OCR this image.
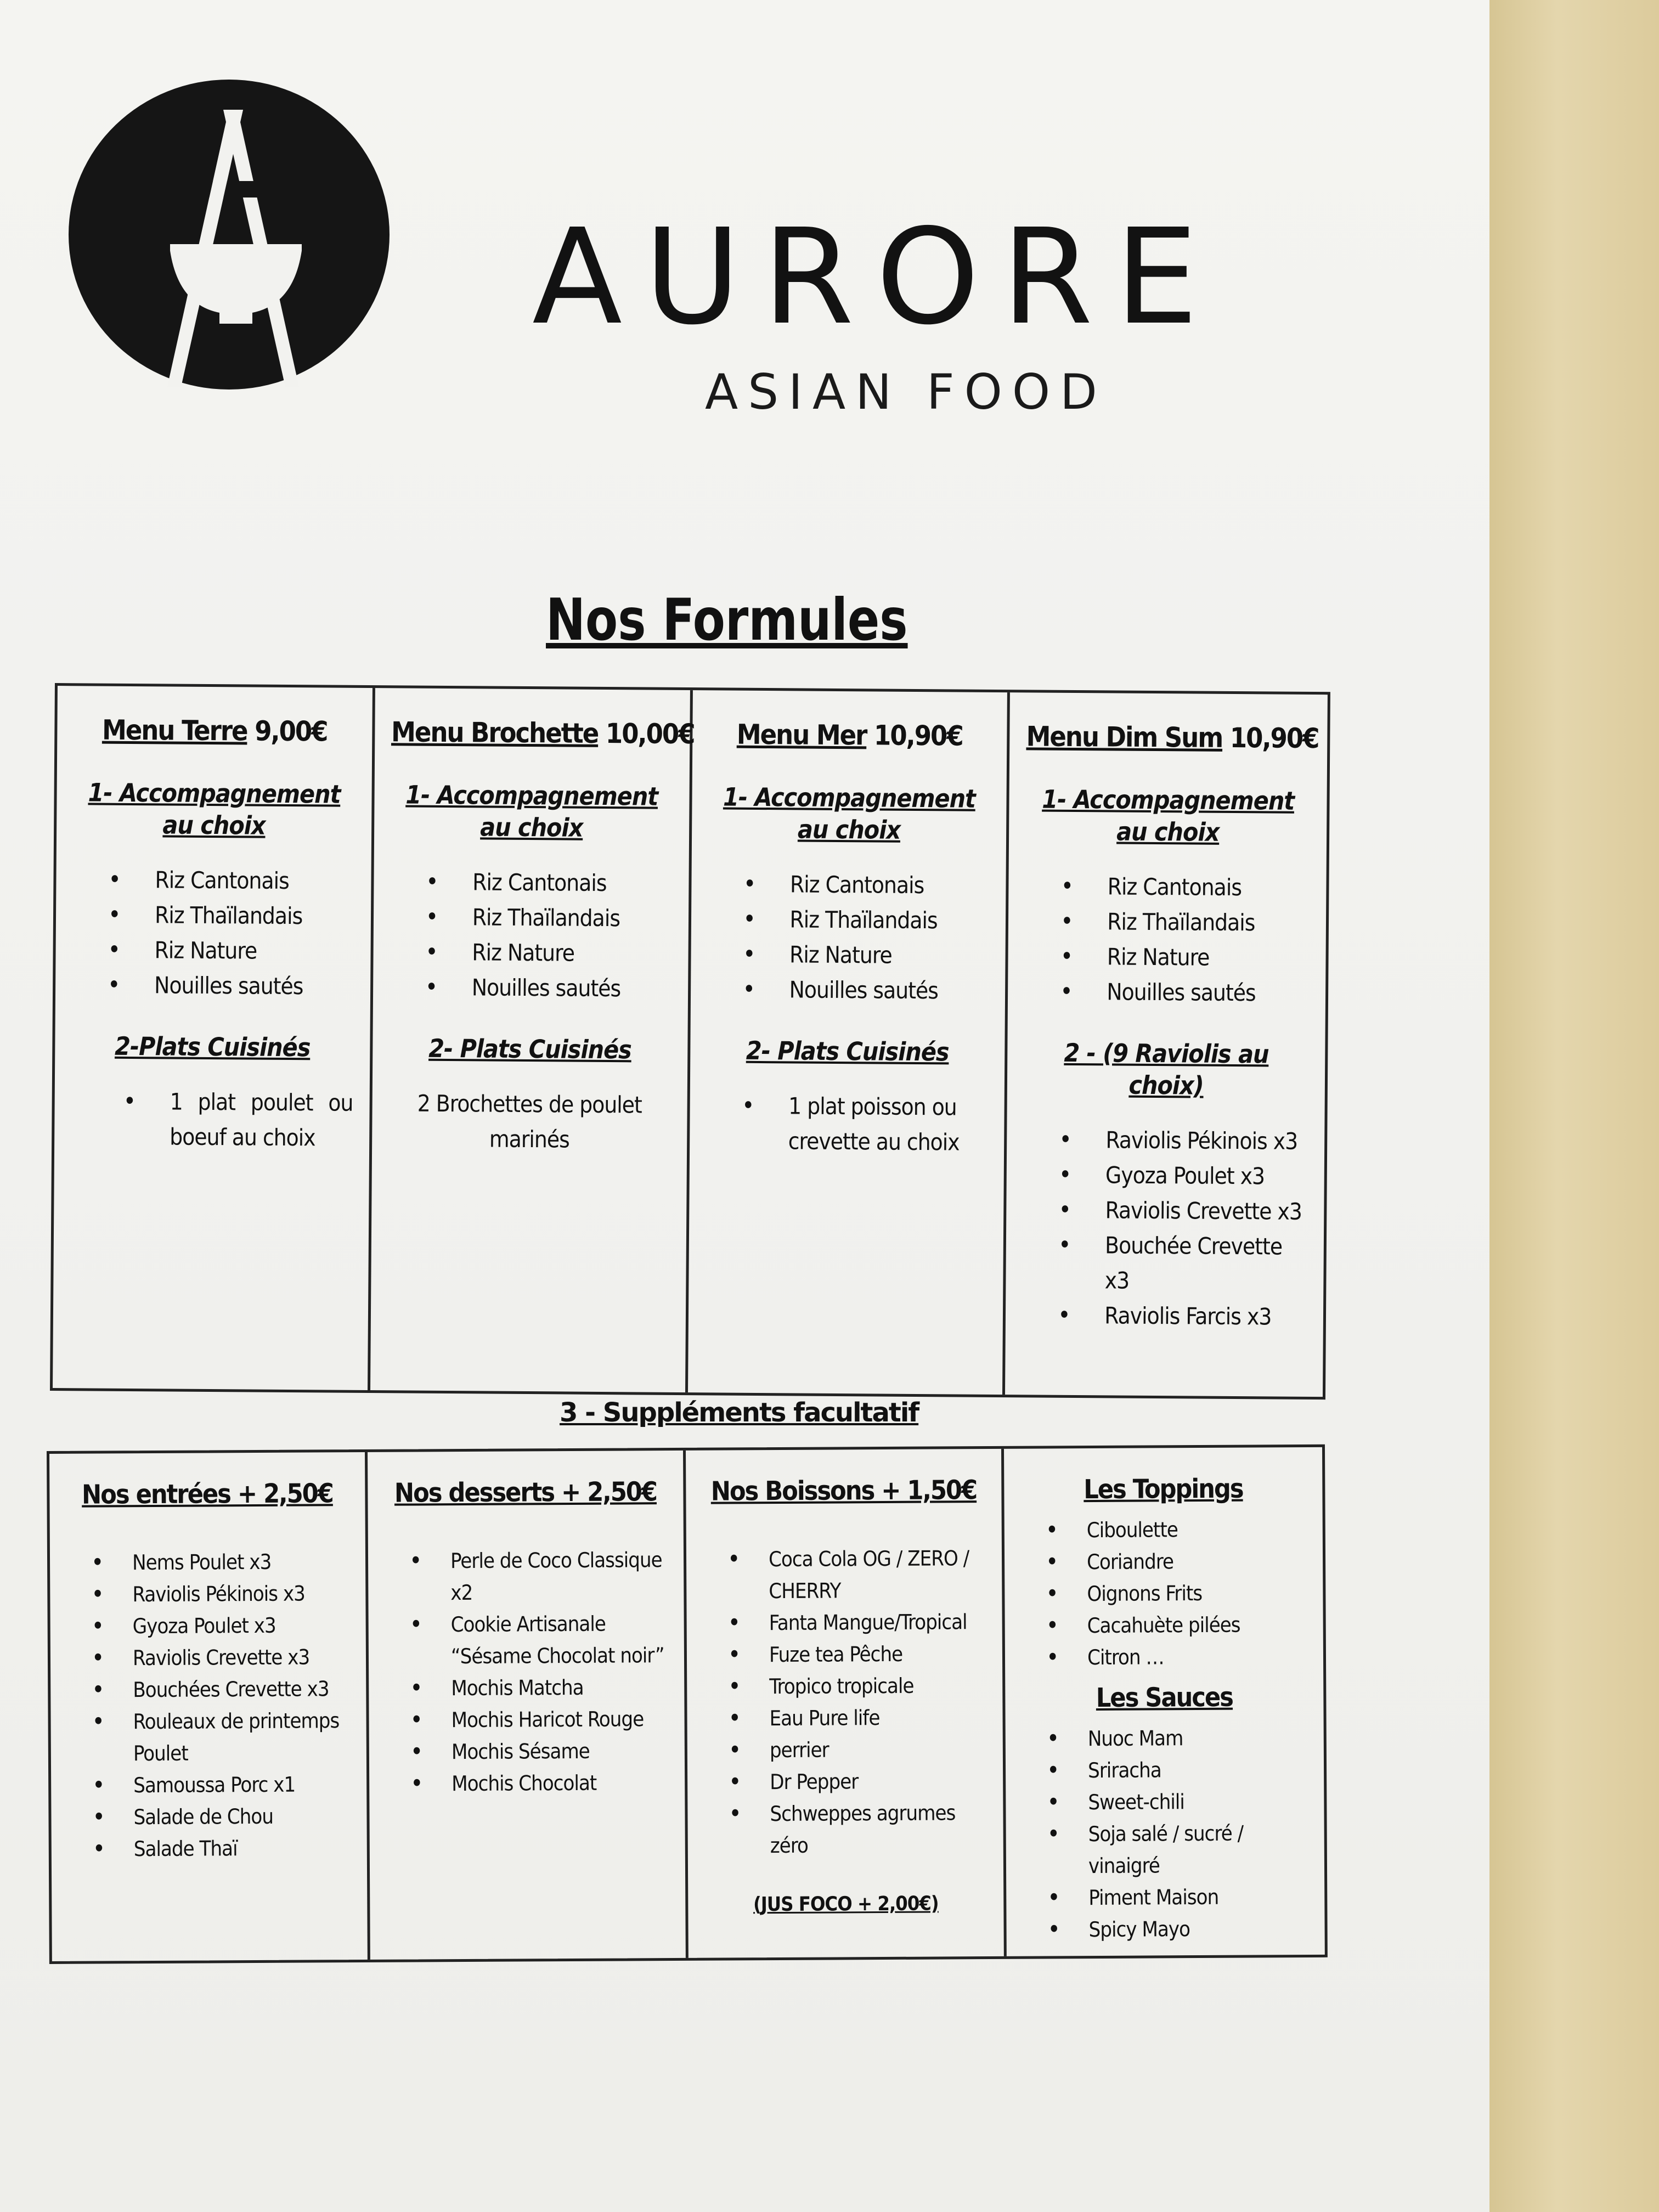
AURORE
ASIAN FOOD
Nos Formules
Menu Terre 9,00€
1- Accompagnement au choix
• Riz Cantonais
• Riz Thaïlandais
• Riz Nature
• Nouilles sautés
2-Plats Cuisinés
• 1 plat poulet ou boeuf au choix
Menu Brochette 10,00€
1- Accompagnement au choix
• Riz Cantonais
• Riz Thaïlandais
• Riz Nature
• Nouilles sautés
2- Plats Cuisinés
2 Brochettes de poulet marinés
Menu Mer 10,90€
1- Accompagnement au choix
• Riz Cantonais
• Riz Thaïlandais
• Riz Nature
• Nouilles sautés
2- Plats Cuisinés
• 1 plat poisson ou crevette au choix
Menu Dim Sum 10,90€
1- Accompagnement au choix
• Riz Cantonais
• Riz Thaïlandais
• Riz Nature
• Nouilles sautés
2 - (9 Raviolis au choix)
• Raviolis Pékinois x3
• Gyoza Poulet x3
• Raviolis Crevette x3
• Bouchée Crevette x3
• Raviolis Farcis x3
3 - Suppléments facultatif
Nos entrées + 2,50€
• Nems Poulet x3
• Raviolis Pékinois x3
• Gyoza Poulet x3
• Raviolis Crevette x3
• Bouchées Crevette x3
• Rouleaux de printemps Poulet
• Samoussa Porc x1
• Salade de Chou
• Salade Thaï
Nos desserts + 2,50€
• Perle de Coco Classique x2
• Cookie Artisanale “Sésame Chocolat noir”
• Mochis Matcha
• Mochis Haricot Rouge
• Mochis Sésame
• Mochis Chocolat
Nos Boissons + 1,50€
• Coca Cola OG / ZERO / CHERRY
• Fanta Mangue/Tropical
• Fuze tea Pêche
• Tropico tropicale
• Eau Pure life
• perrier
• Dr Pepper
• Schweppes agrumes zéro
(JUS FOCO + 2,00€)
Les Toppings
• Ciboulette
• Coriandre
• Oignons Frits
• Cacahuète pilées
• Citron …
Les Sauces
• Nuoc Mam
• Sriracha
• Sweet-chili
• Soja salé / sucré / vinaigré
• Piment Maison
• Spicy Mayo
